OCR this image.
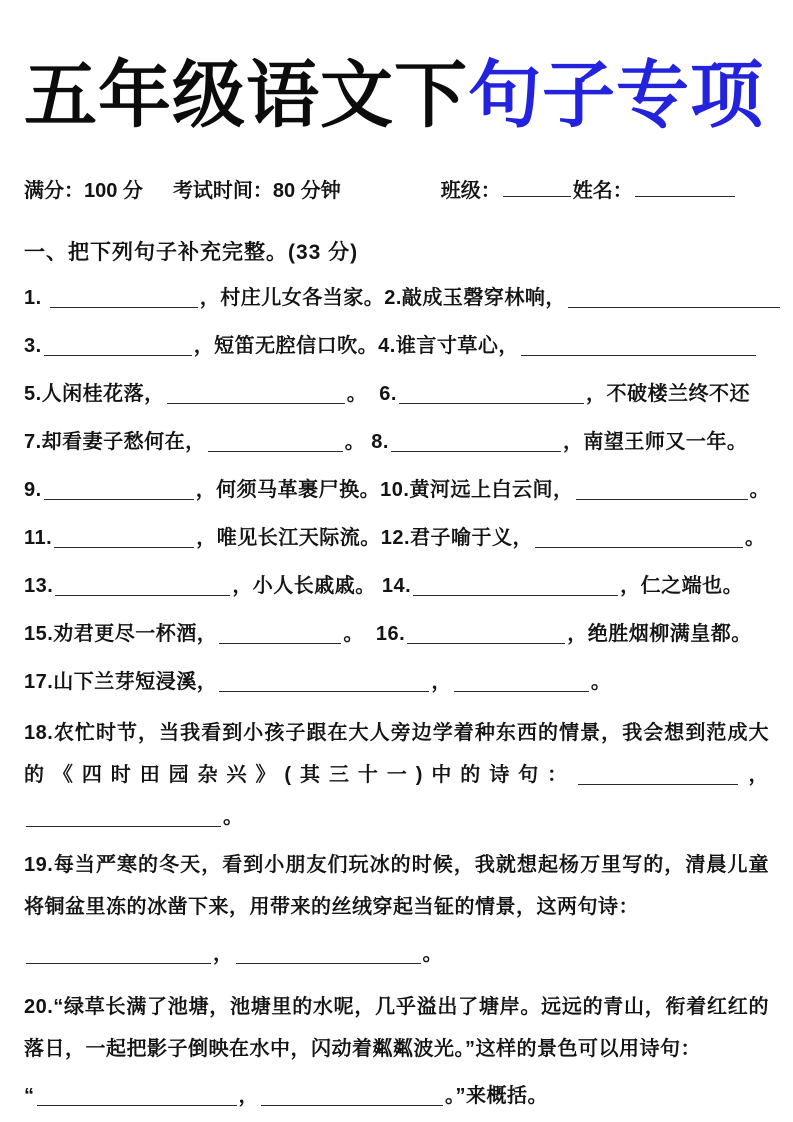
五年级语文下句子专项
满分：100 分 考试时间：80 分钟	班级：	姓名：
一、把下列句子补充完整。(33 分)
1.	，村庄儿女各当家。2.敲成玉磬穿林响，
3.	，短笛无腔信口吹。4.谁言寸草心，
5.人闲桂花落，	。  6.	，不破楼兰终不还
7.却看妻子愁何在，	。 8.	，南望王师又一年。
9.	，何须马革裹尸换。10.黄河远上白云间，	。
11.	，唯见长江天际流。12.君子喻于义，	。
13.	，小人长戚戚。 14.	，仁之端也。
15.劝君更尽一杯酒，	。  16.	，绝胜烟柳满皇都。
17.山下兰芽短浸溪，	，	。
18.农忙时节，当我看到小孩子跟在大人旁边学着种东西的情景，我会想到范成大的《四时田园杂兴》(其三十一)中的诗句：	，。
19.每当严寒的冬天，看到小朋友们玩冰的时候，我就想起杨万里写的，清晨儿童将铜盆里冻的冰凿下来，用带来的丝绒穿起当钲的情景，这两句诗：
，	。
20.“绿草长满了池塘，池塘里的水呢，几乎溢出了塘岸。远远的青山，衔着红红的落日，一起把影子倒映在水中，闪动着粼粼波光。”这样的景色可以用诗句：
“	，	。”来概括。
